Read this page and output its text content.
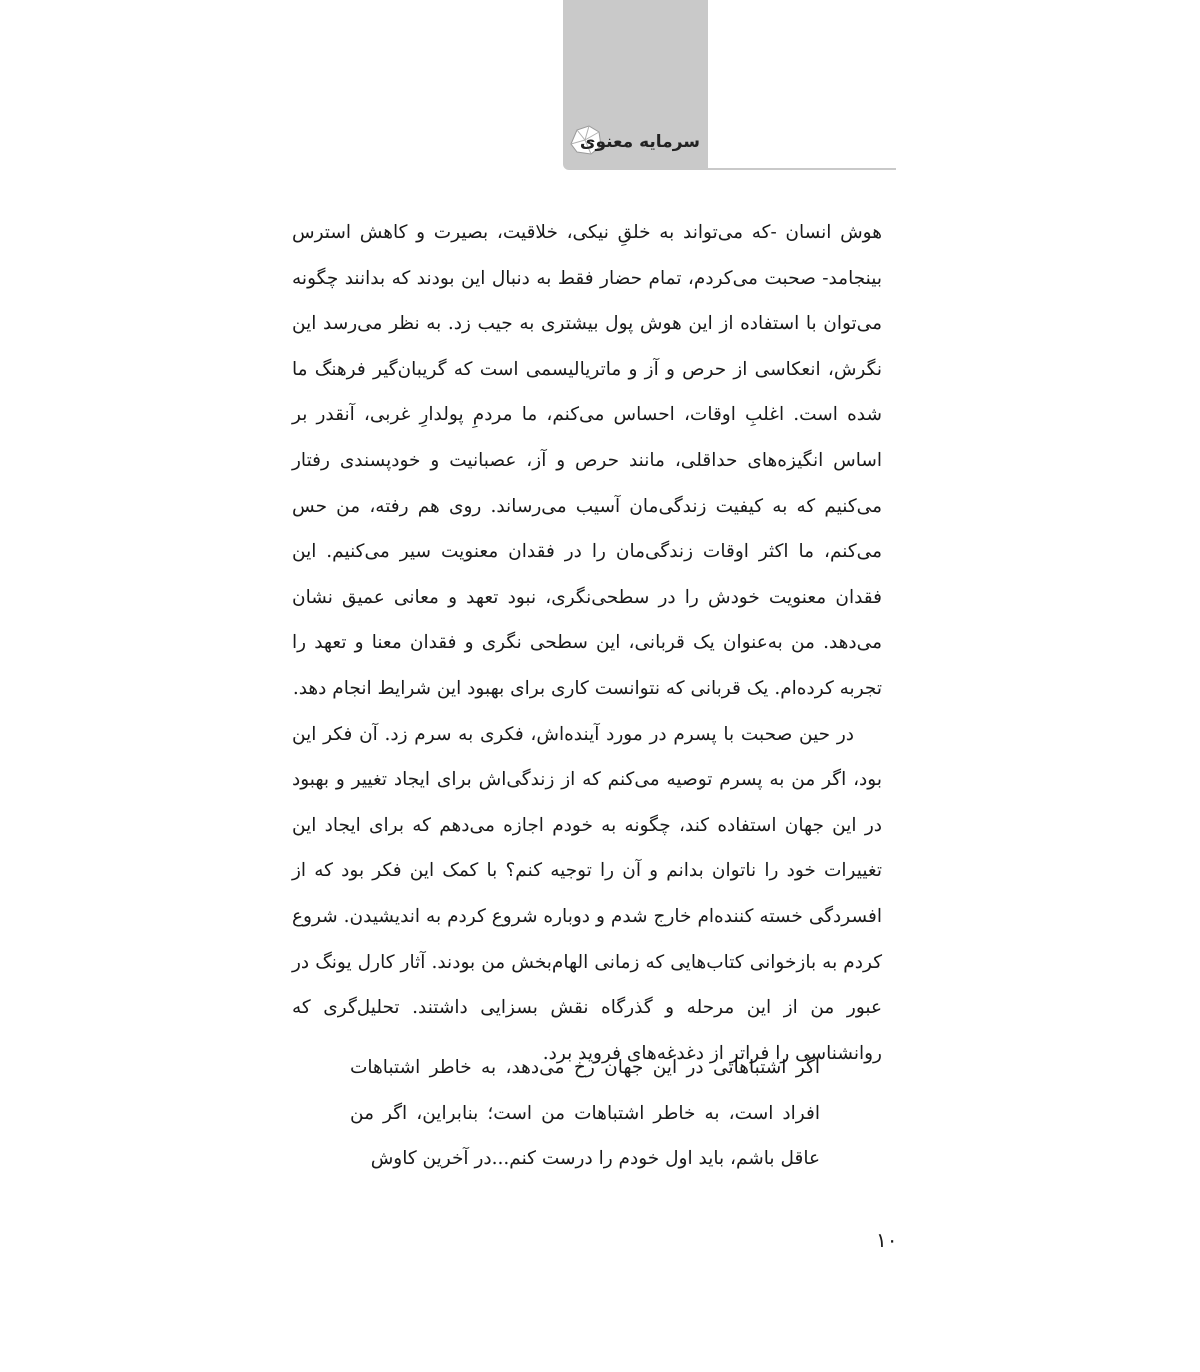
سرمایه معنوی

هوش انسان -که می‌تواند به خلقِ نیکی، خلاقیت، بصیرت و کاهش استرس بینجامد- صحبت می‌کردم، تمام حضار فقط به دنبال این بودند که بدانند چگونه می‌توان با استفاده از این هوش پول بیشتری به جیب زد. به نظر می‌رسد این نگرش، انعکاسی از حرص و آز و ماتریالیسمی است که گریبان‌گیر فرهنگ ما شده است. اغلبِ اوقات، احساس می‌کنم، ما مردمِ پولدارِ غربی، آنقدر بر اساس انگیزه‌های حداقلی، مانند حرص و آز، عصبانیت و خودپسندی رفتار می‌کنیم که به کیفیت زندگی‌مان آسیب می‌رساند. روی هم رفته، من حس می‌کنم، ما اکثر اوقات زندگی‌مان را در فقدان معنویت سیر می‌کنیم. این فقدان معنویت خودش را در سطحی‌نگری، نبود تعهد و معانی عمیق نشان می‌دهد. من به‌عنوان یک قربانی، این سطحی نگری و فقدان معنا و تعهد را تجربه کرده‌ام. یک قربانی که نتوانست کاری برای بهبود این شرایط انجام دهد.

در حین صحبت با پسرم در مورد آینده‌اش، فکری به سرم زد. آن فکر این بود، اگر من به پسرم توصیه می‌کنم که از زندگی‌اش برای ایجاد تغییر و بهبود در این جهان استفاده کند، چگونه به خودم اجازه می‌دهم که برای ایجاد این تغییرات خود را ناتوان بدانم و آن را توجیه کنم؟ با کمک این فکر بود که از افسردگی خسته کننده‌ام خارج شدم و دوباره شروع کردم به اندیشیدن. شروع کردم به بازخوانی کتاب‌هایی که زمانی الهام‌بخش من بودند. آثار کارل یونگ در عبور من از این مرحله و گذرگاه نقش بسزایی داشتند. تحلیل‌گری که روانشناسی را فراتر از دغدغه‌های فروید برد.

اگر اشتباهاتی در این جهان رخ می‌دهد، به خاطر اشتباهات افراد است، به خاطر اشتباهات من است؛ بنابراین، اگر من عاقل باشم، باید اول خودم را درست کنم...در آخرین کاوش

۱۰
